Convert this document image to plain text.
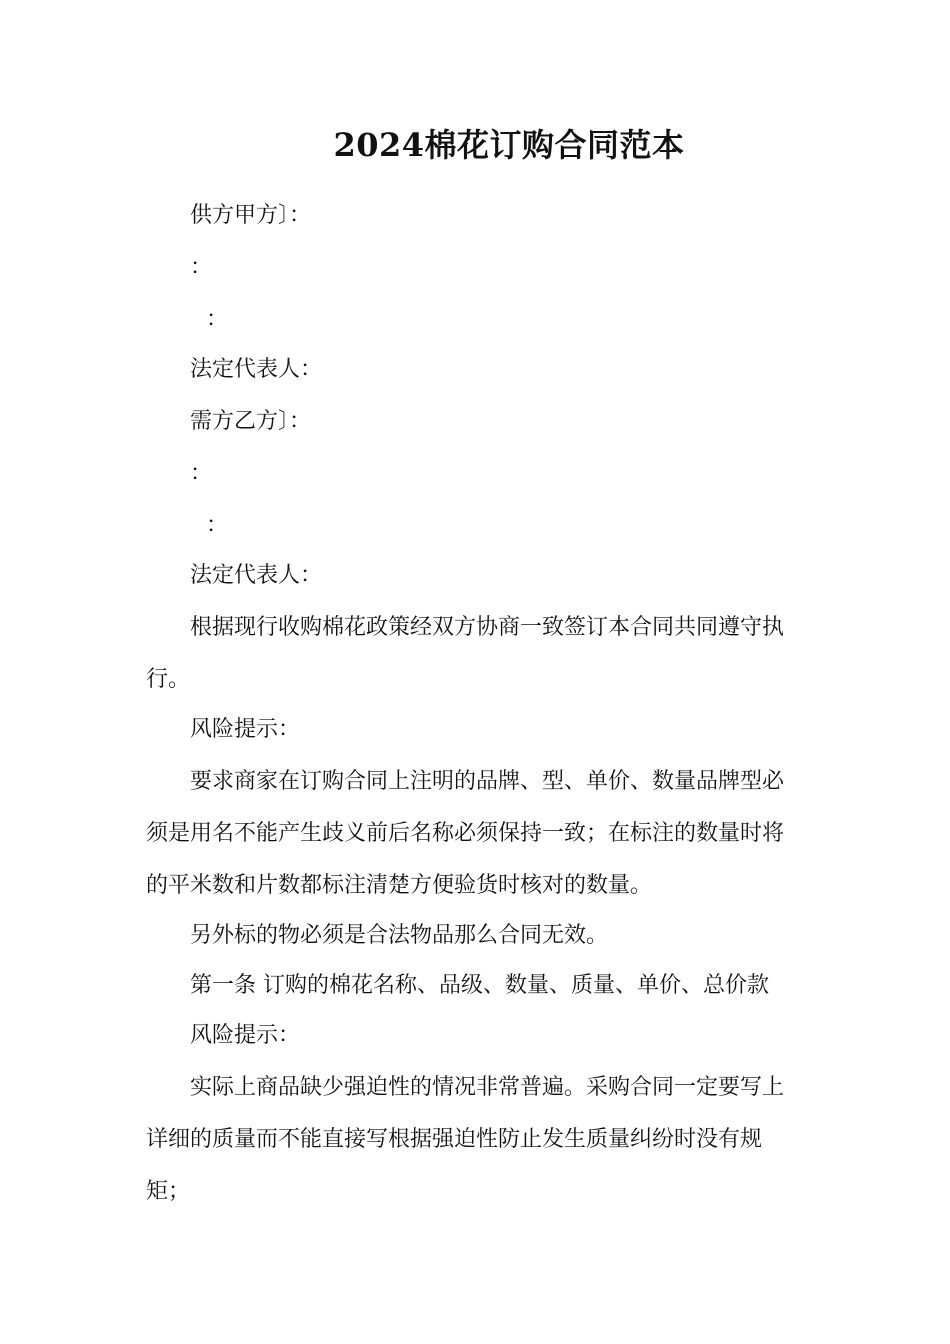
2024棉花订购合同范本
供方甲方〕：
：
：
法定代表人：
需方乙方〕：
：
：
法定代表人：
根据现行收购棉花政策经双方协商一致签订本合同共同遵守执行。
风险提示：
要求商家在订购合同上注明的品牌、型、单价、数量品牌型必须是用名不能产生歧义前后名称必须保持一致；在标注的数量时将的平米数和片数都标注清楚方便验货时核对的数量。
另外标的物必须是合法物品那么合同无效。
第一条 订购的棉花名称、品级、数量、质量、单价、总价款
风险提示：
实际上商品缺少强迫性的情况非常普遍。采购合同一定要写上详细的质量而不能直接写根据强迫性防止发生质量纠纷时没有规矩；
